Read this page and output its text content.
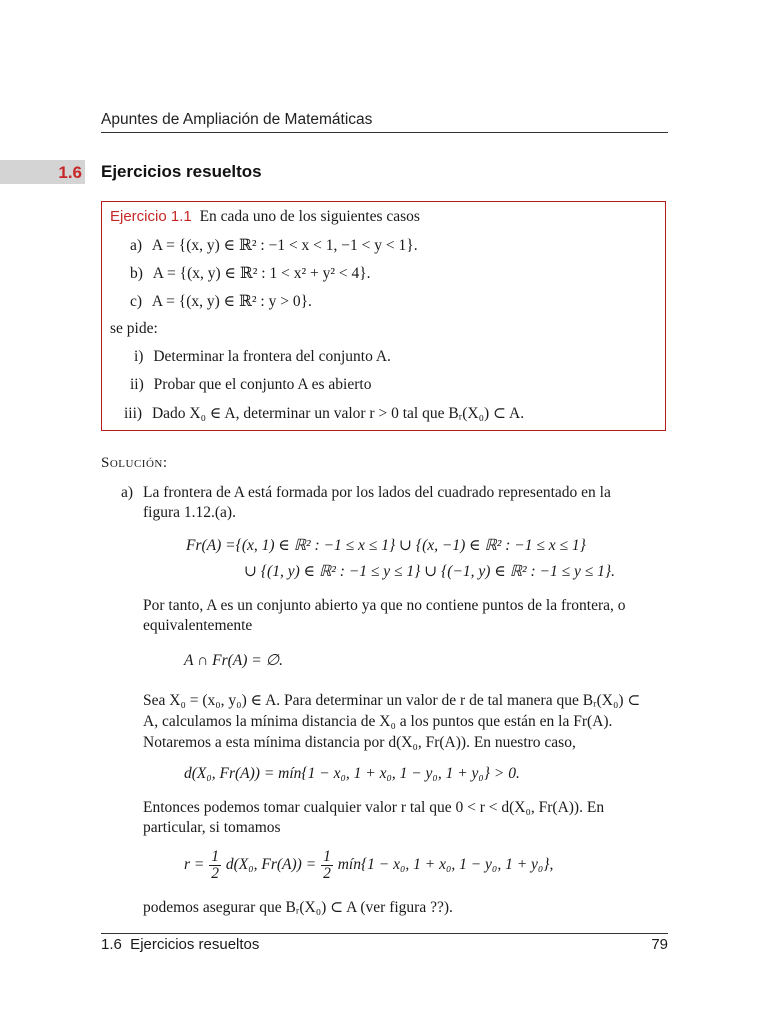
Apuntes de Ampliación de Matemáticas
1.6 Ejercicios resueltos
Ejercicio 1.1 En cada uno de los siguientes casos
a) A = {(x, y) ∈ ℝ² : −1 < x < 1, −1 < y < 1}.
b) A = {(x, y) ∈ ℝ² : 1 < x² + y² < 4}.
c) A = {(x, y) ∈ ℝ² : y > 0}.
se pide:
i) Determinar la frontera del conjunto A.
ii) Probar que el conjunto A es abierto
iii) Dado X₀ ∈ A, determinar un valor r > 0 tal que Bᵣ(X₀) ⊂ A.
Solución:
a) La frontera de A está formada por los lados del cuadrado representado en la
figura 1.12.(a).
Fr(A) ={(x, 1) ∈ ℝ² : −1 ≤ x ≤ 1} ∪ {(x, −1) ∈ ℝ² : −1 ≤ x ≤ 1}
∪ {(1, y) ∈ ℝ² : −1 ≤ y ≤ 1} ∪ {(−1, y) ∈ ℝ² : −1 ≤ y ≤ 1}.
Por tanto, A es un conjunto abierto ya que no contiene puntos de la frontera, o
equivalentemente
A ∩ Fr(A) = ∅.
Sea X₀ = (x₀, y₀) ∈ A. Para determinar un valor de r de tal manera que Bᵣ(X₀) ⊂
A, calculamos la mínima distancia de X₀ a los puntos que están en la Fr(A).
Notaremos a esta mínima distancia por d(X₀, Fr(A)). En nuestro caso,
d(X₀, Fr(A)) = mín{1 − x₀, 1 + x₀, 1 − y₀, 1 + y₀} > 0.
Entonces podemos tomar cualquier valor r tal que 0 < r < d(X₀, Fr(A)). En
particular, si tomamos
$r = \frac{1}{2} d(X_0$, $Fr(A)) = \frac{1}{2}$ mín{1 − x₀, 1 + x₀, 1 − y₀, 1 + y₀},
podemos asegurar que Bᵣ(X₀) ⊂ A (ver figura ??).
1.6  Ejercicios resueltos	79
